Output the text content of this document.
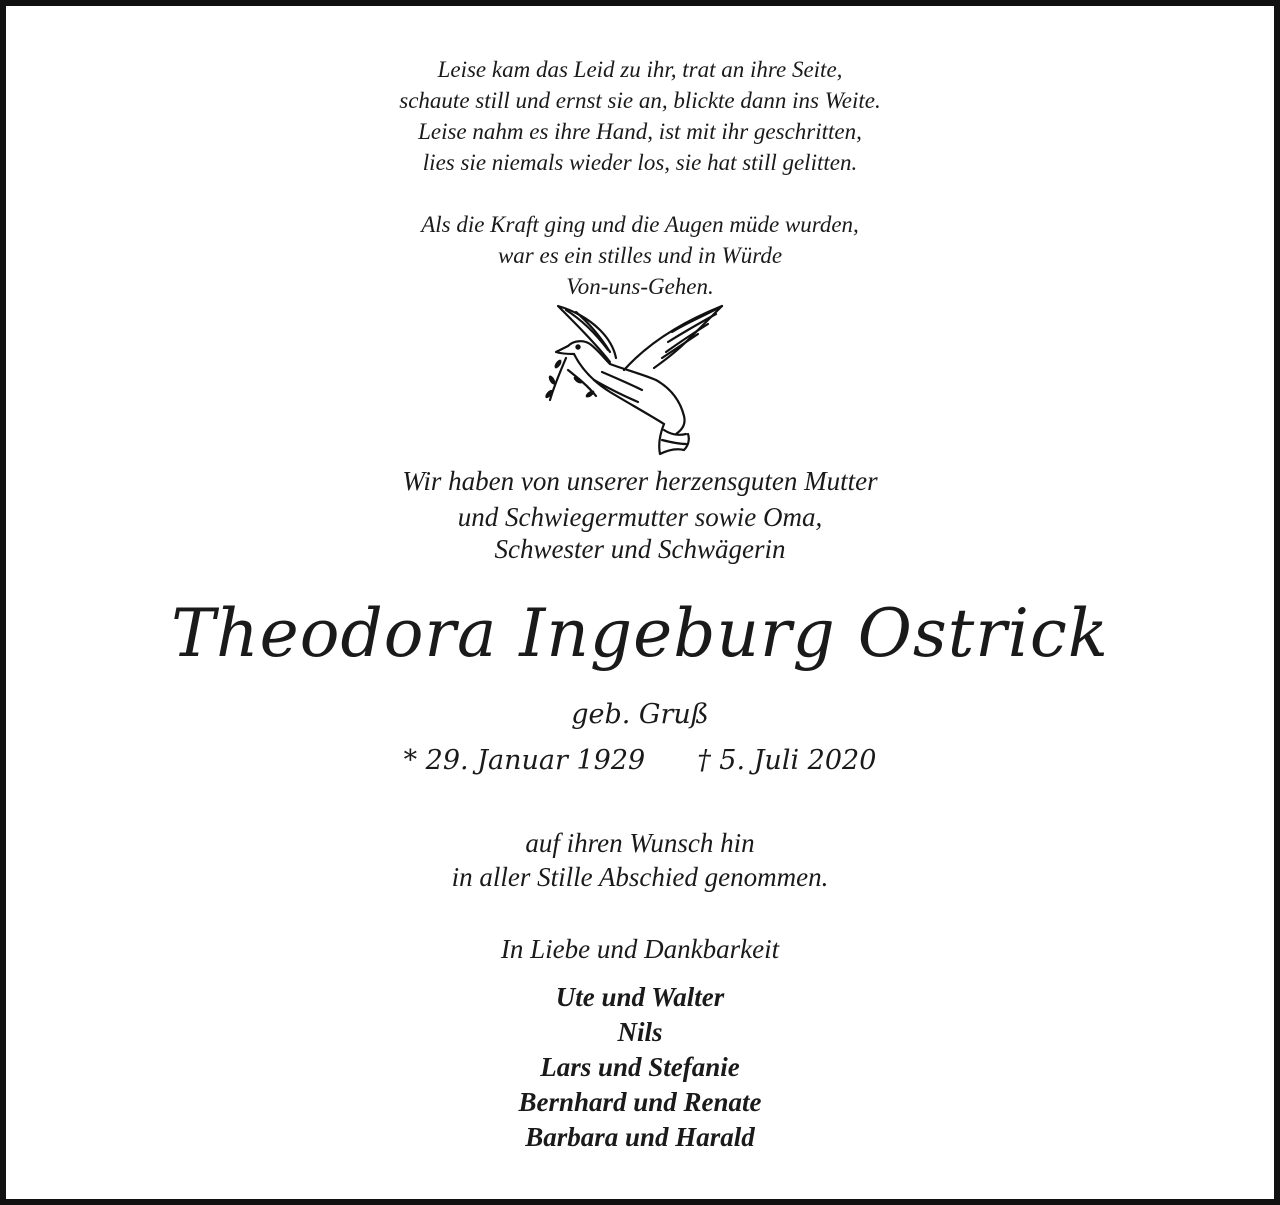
Leise kam das Leid zu ihr, trat an ihre Seite,
schaute still und ernst sie an, blickte dann ins Weite.
Leise nahm es ihre Hand, ist mit ihr geschritten,
lies sie niemals wieder los, sie hat still gelitten.
Als die Kraft ging und die Augen müde wurden,
war es ein stilles und in Würde
Von-uns-Gehen.
Wir haben von unserer herzensguten Mutter
und Schwiegermutter sowie Oma,
Schwester und Schwägerin
Theodora Ingeburg Ostrick
geb. Gruß
* 29. Januar 1929 † 5. Juli 2020
auf ihren Wunsch hin
in aller Stille Abschied genommen.
In Liebe und Dankbarkeit
Ute und Walter
Nils
Lars und Stefanie
Bernhard und Renate
Barbara und Harald
